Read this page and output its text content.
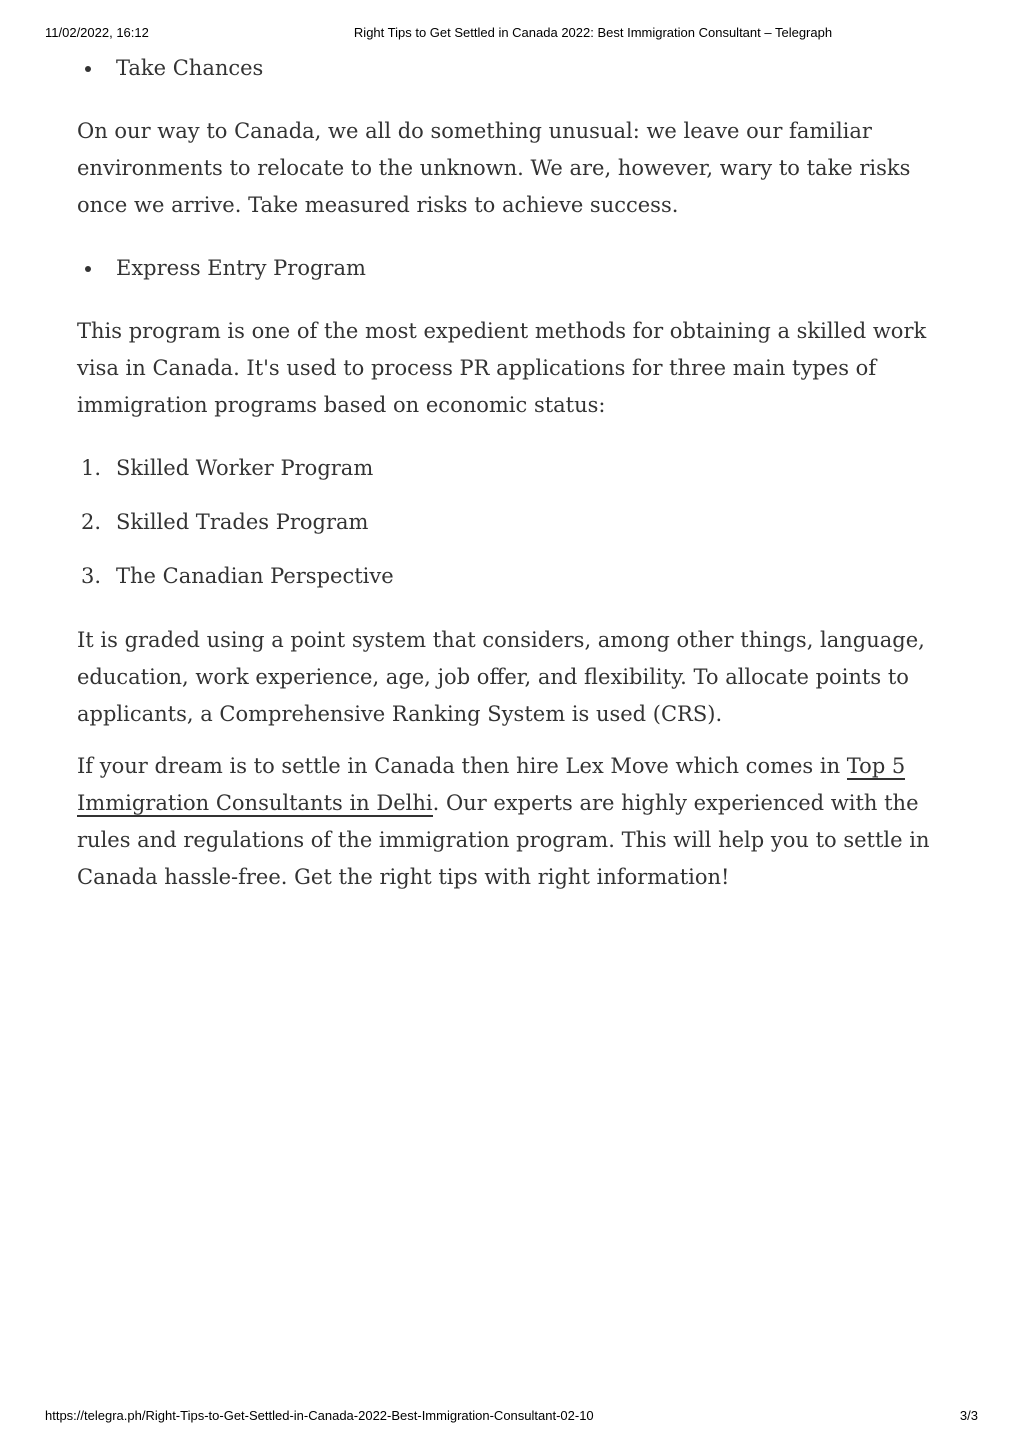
11/02/2022, 16:12	Right Tips to Get Settled in Canada 2022: Best Immigration Consultant – Telegraph
Take Chances

On our way to Canada, we all do something unusual: we leave our familiar environments to relocate to the unknown. We are, however, wary to take risks once we arrive. Take measured risks to achieve success.

Express Entry Program

This program is one of the most expedient methods for obtaining a skilled work visa in Canada. It's used to process PR applications for three main types of immigration programs based on economic status:

1. Skilled Worker Program
2. Skilled Trades Program
3. The Canadian Perspective

It is graded using a point system that considers, among other things, language, education, work experience, age, job offer, and flexibility. To allocate points to applicants, a Comprehensive Ranking System is used (CRS).

If your dream is to settle in Canada then hire Lex Move which comes in Top 5 Immigration Consultants in Delhi. Our experts are highly experienced with the rules and regulations of the immigration program. This will help you to settle in Canada hassle-free. Get the right tips with right information!

https://telegra.ph/Right-Tips-to-Get-Settled-in-Canada-2022-Best-Immigration-Consultant-02-10	3/3
